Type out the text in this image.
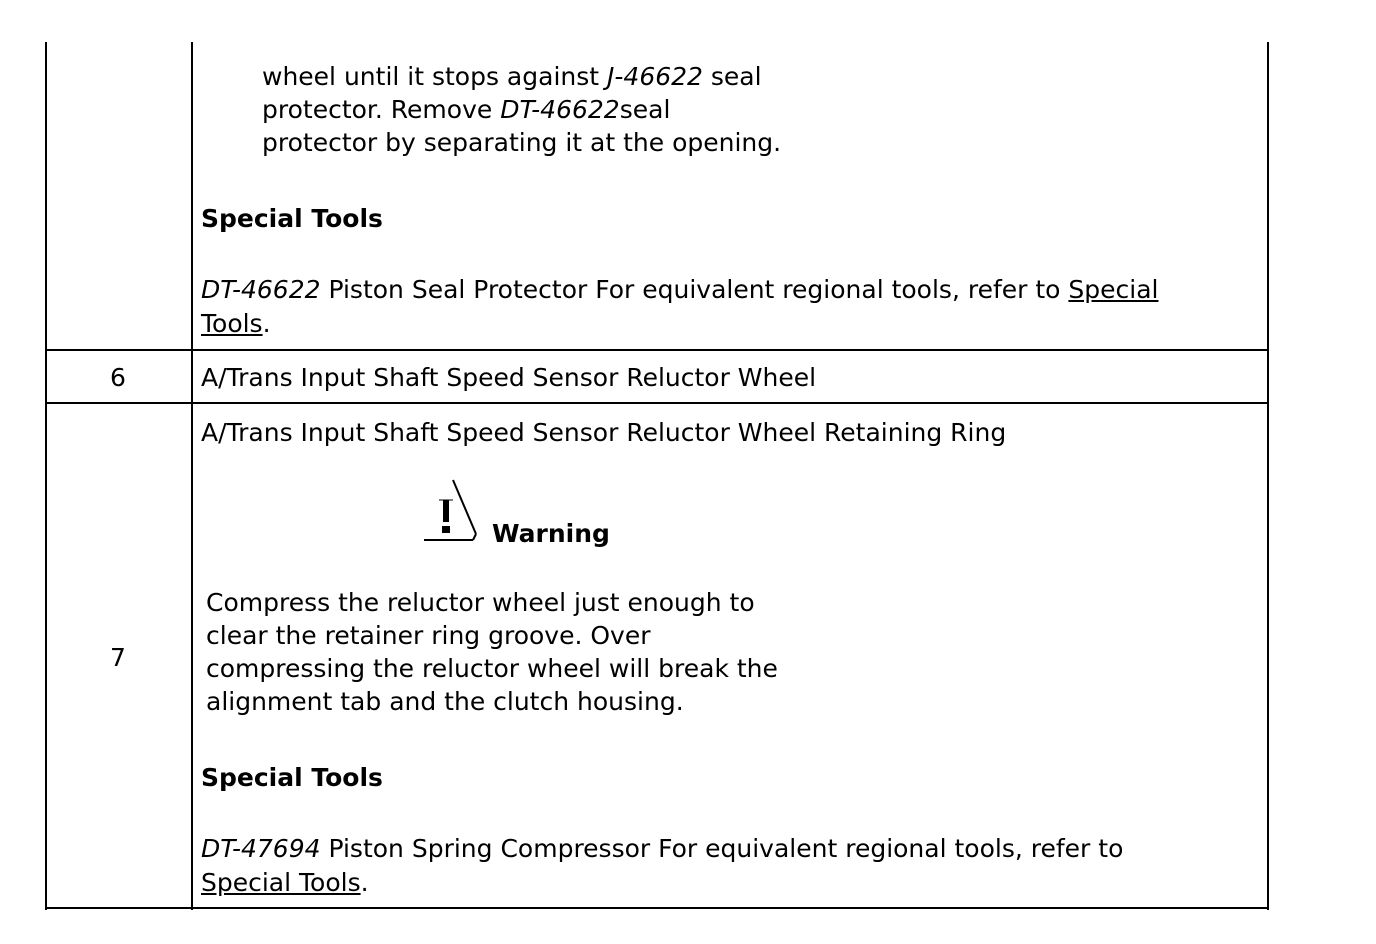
wheel until it stops against J-46622 seal
protector. Remove DT-46622seal
protector by separating it at the opening.
Special Tools
DT-46622 Piston Seal Protector For equivalent regional tools, refer to Special
Tools.
6	A/Trans Input Shaft Speed Sensor Reluctor Wheel
7
A/Trans Input Shaft Speed Sensor Reluctor Wheel Retaining Ring
Warning
Compress the reluctor wheel just enough to
clear the retainer ring groove. Over
compressing the reluctor wheel will break the
alignment tab and the clutch housing.
Special Tools
DT-47694 Piston Spring Compressor For equivalent regional tools, refer to
Special Tools.
